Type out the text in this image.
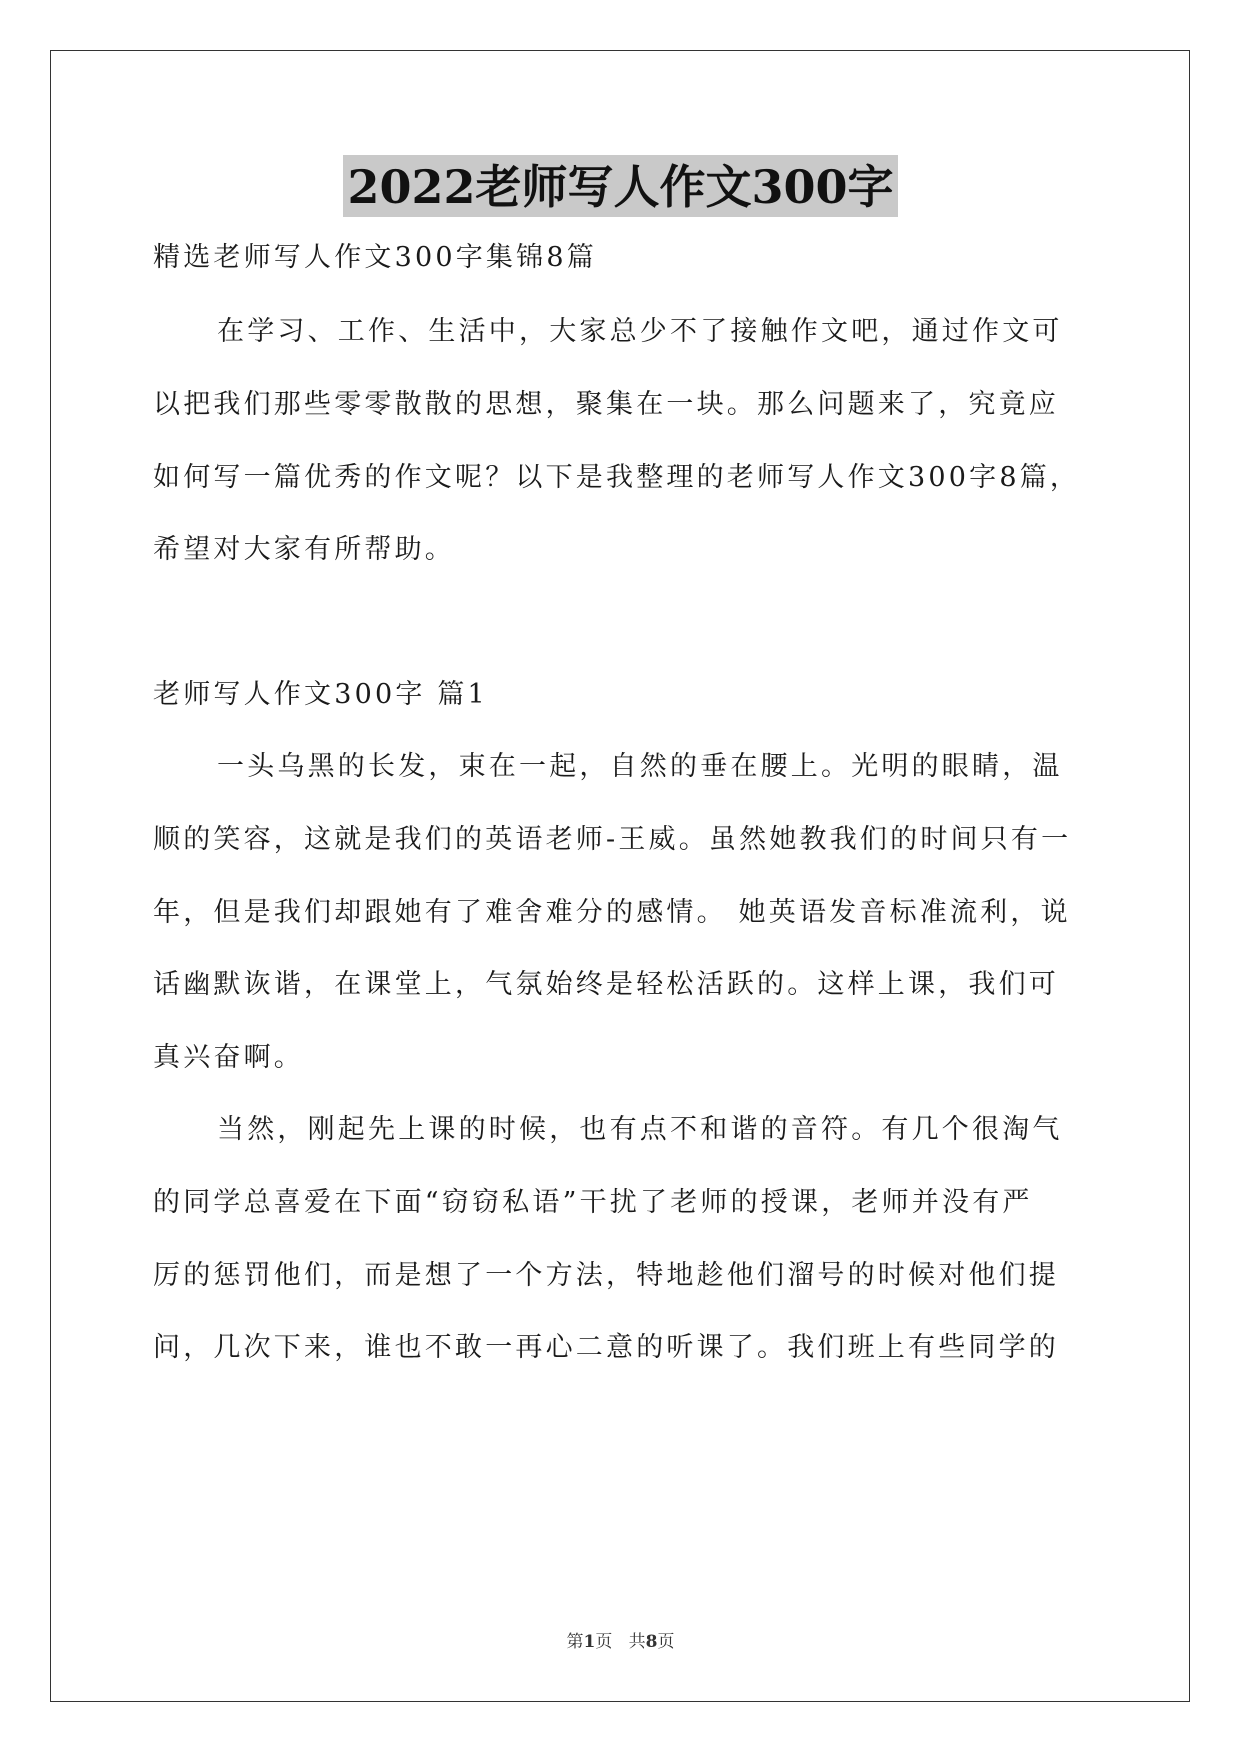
2022老师写人作文300字
精选老师写人作文300字集锦8篇
在学习、工作、生活中，大家总少不了接触作文吧，通过作文可
以把我们那些零零散散的思想，聚集在一块。那么问题来了，究竟应
如何写一篇优秀的作文呢？以下是我整理的老师写人作文300字8篇，
希望对大家有所帮助。
老师写人作文300字 篇1
一头乌黑的长发，束在一起，自然的垂在腰上。光明的眼睛，温
顺的笑容，这就是我们的英语老师-王威。虽然她教我们的时间只有一
年，但是我们却跟她有了难舍难分的感情。 她英语发音标准流利，说
话幽默诙谐，在课堂上，气氛始终是轻松活跃的。这样上课，我们可
真兴奋啊。
当然，刚起先上课的时候，也有点不和谐的音符。有几个很淘气
的同学总喜爱在下面“窃窃私语”干扰了老师的授课，老师并没有严
厉的惩罚他们，而是想了一个方法，特地趁他们溜号的时候对他们提
问，几次下来，谁也不敢一再心二意的听课了。我们班上有些同学的
第1页   共8页
